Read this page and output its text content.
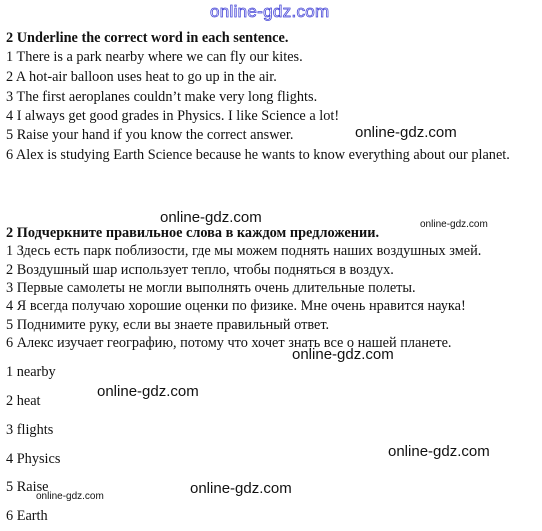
online-gdz.com

2 Underline the correct word in each sentence.

1 There is a park nearby where we can fly our kites.

2 A hot-air balloon uses heat to go up in the air.

3 The first aeroplanes couldn’t make very long flights.

4 I always get good grades in Physics. I like Science a lot!

5 Raise your hand if you know the correct answer.

6 Alex is studying Earth Science because he wants to know everything about our planet.

2 Подчеркните правильное слова в каждом предложении.

1 Здесь есть парк поблизости, где мы можем поднять наших воздушных змей.

2 Воздушный шар использует тепло, чтобы подняться в воздух.

3 Первые самолеты не могли выполнять очень длительные полеты.

4 Я всегда получаю хорошие оценки по физике. Мне очень нравится наука!

5 Поднимите руку, если вы знаете правильный ответ.

6 Алекс изучает географию, потому что хочет знать все о нашей планете.

1 nearby
2 heat
3 flights
4 Physics
5 Raise
6 Earth
online-gdz.com
online-gdz.com	online-gdz.com
online-gdz.com
online-gdz.com
online-gdz.com
online-gdz.com
online-gdz.com
